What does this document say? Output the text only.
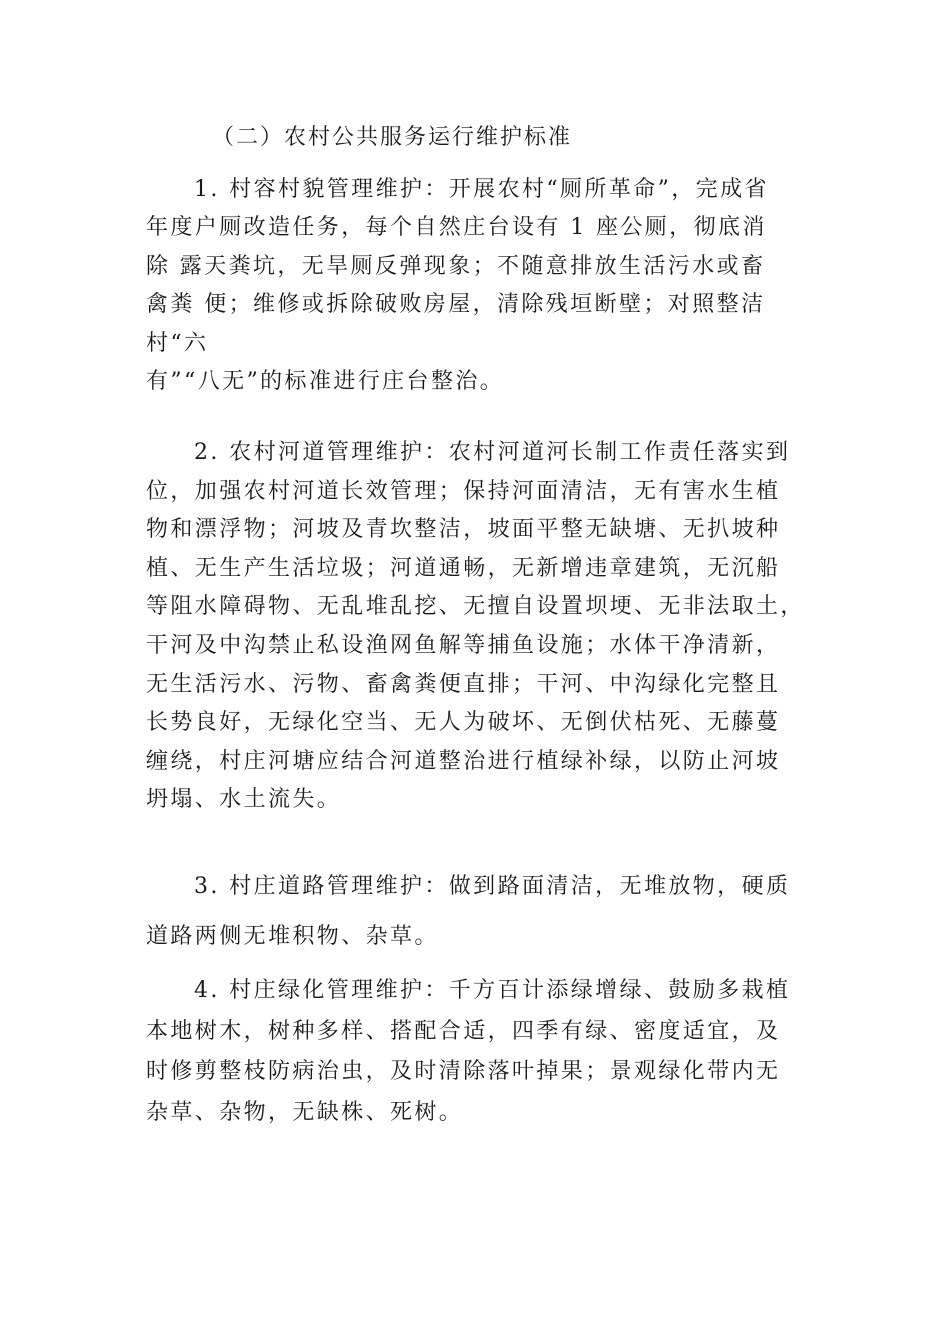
（二）农村公共服务运行维护标准
1. 村容村貌管理维护：开展农村“厕所革命”，完成省
年度户厕改造任务，每个自然庄台设有 1 座公厕，彻底消
除 露天粪坑，无旱厕反弹现象；不随意排放生活污水或畜
禽粪 便；维修或拆除破败房屋，清除残垣断壁；对照整洁
村“六
有”“八无”的标准进行庄台整治。
2. 农村河道管理维护：农村河道河长制工作责任落实到
位，加强农村河道长效管理；保持河面清洁，无有害水生植
物和漂浮物；河坡及青坎整洁，坡面平整无缺塘、无扒坡种
植、无生产生活垃圾；河道通畅，无新增违章建筑，无沉船
等阻水障碍物、无乱堆乱挖、无擅自设置坝埂、无非法取土，
干河及中沟禁止私设渔网鱼解等捕鱼设施；水体干净清新，
无生活污水、污物、畜禽粪便直排；干河、中沟绿化完整且
长势良好，无绿化空当、无人为破坏、无倒伏枯死、无藤蔓
缠绕，村庄河塘应结合河道整治进行植绿补绿，以防止河坡
坍塌、水土流失。
3. 村庄道路管理维护：做到路面清洁，无堆放物，硬质
道路两侧无堆积物、杂草。
4. 村庄绿化管理维护：千方百计添绿增绿、鼓励多栽植
本地树木，树种多样、搭配合适，四季有绿、密度适宜，及
时修剪整枝防病治虫，及时清除落叶掉果；景观绿化带内无
杂草、杂物，无缺株、死树。
